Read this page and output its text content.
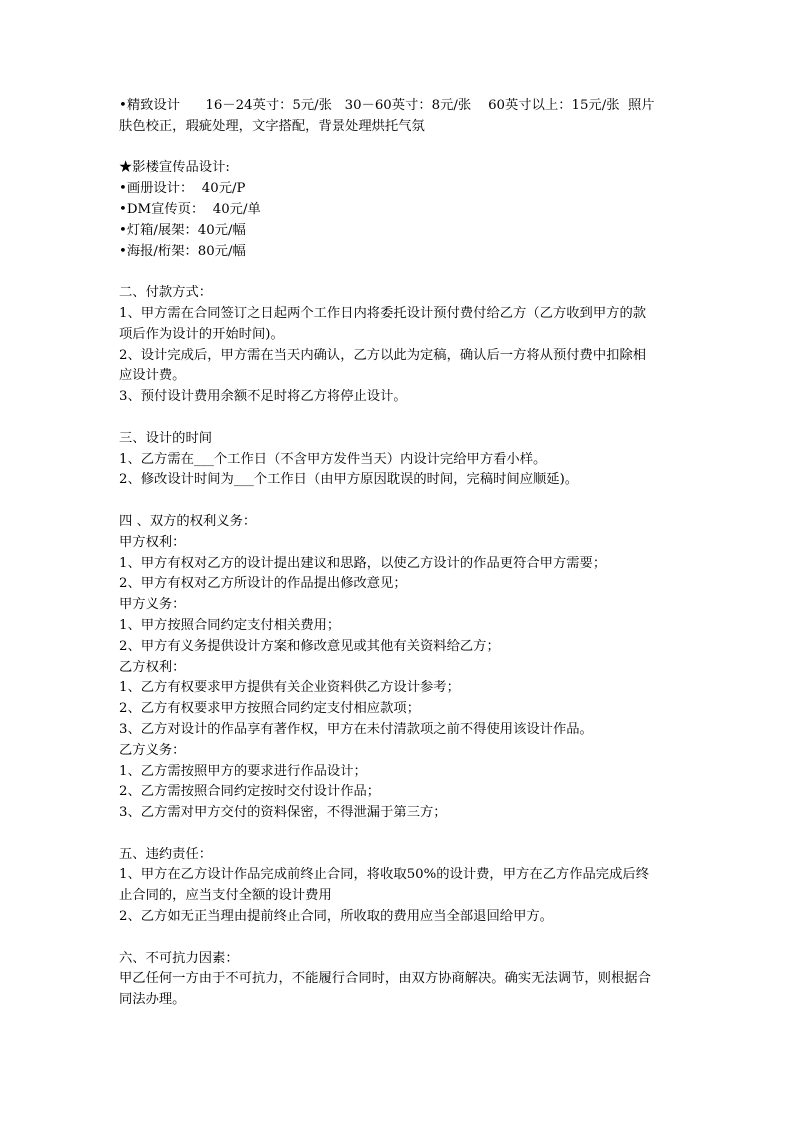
•精致设计      16－24英寸：5元/张   30－60英寸：8元/张    60英寸以上：15元/张  照片
肤色校正，瑕疵处理，文字搭配，背景处理烘托气氛
★影楼宣传品设计:
•画册设计：  40元/P
•DM宣传页：  40元/单
•灯箱/展架：40元/幅
•海报/桁架：80元/幅
二、付款方式：
1、甲方需在合同签订之日起两个工作日内将委托设计预付费付给乙方（乙方收到甲方的款
项后作为设计的开始时间)。
2、设计完成后，甲方需在当天内确认，乙方以此为定稿，确认后一方将从预付费中扣除相
应设计费。
3、预付设计费用余额不足时将乙方将停止设计。
三、设计的时间
1、乙方需在___个工作日（不含甲方发件当天）内设计完给甲方看小样。
2、修改设计时间为___个工作日（由甲方原因耽误的时间，完稿时间应顺延)。
四 、双方的权利义务：
甲方权利：
1、甲方有权对乙方的设计提出建议和思路，以使乙方设计的作品更符合甲方需要；
2、甲方有权对乙方所设计的作品提出修改意见；
甲方义务：
1、甲方按照合同约定支付相关费用；
2、甲方有义务提供设计方案和修改意见或其他有关资料给乙方；
乙方权利：
1、乙方有权要求甲方提供有关企业资料供乙方设计参考；
2、乙方有权要求甲方按照合同约定支付相应款项；
3、乙方对设计的作品享有著作权，甲方在未付清款项之前不得使用该设计作品。
乙方义务：
1、乙方需按照甲方的要求进行作品设计；
2、乙方需按照合同约定按时交付设计作品；
3、乙方需对甲方交付的资料保密，不得泄漏于第三方；
五、违约责任：
1、甲方在乙方设计作品完成前终止合同，将收取50%的设计费，甲方在乙方作品完成后终
止合同的，应当支付全额的设计费用
2、乙方如无正当理由提前终止合同，所收取的费用应当全部退回给甲方。
六、不可抗力因素：
甲乙任何一方由于不可抗力，不能履行合同时，由双方协商解决。确实无法调节，则根据合
同法办理。
